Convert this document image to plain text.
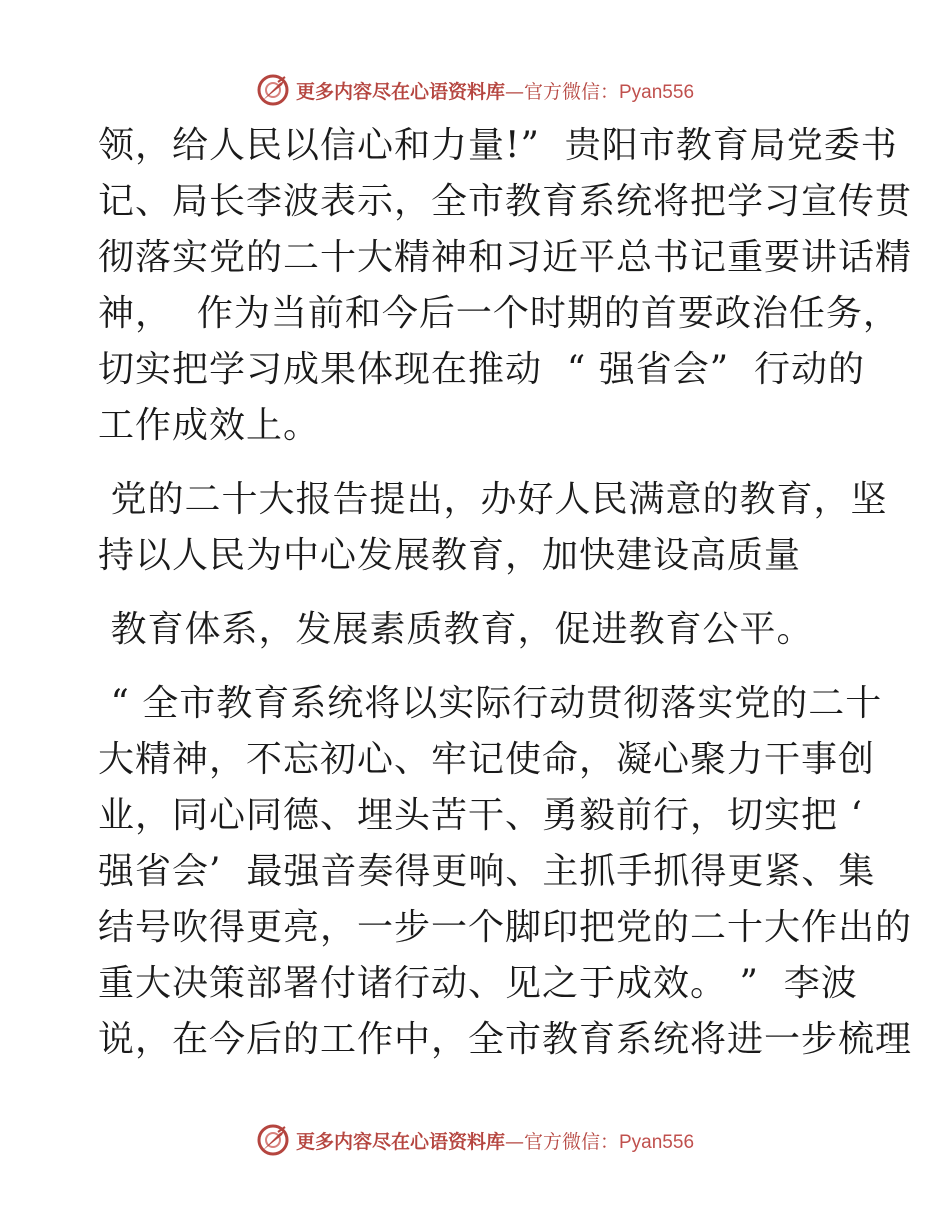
更多内容尽在心语资料库—官方微信：Pyan556
领，给人民以信心和力量!”  贵阳市教育局党委书
记、局长李波表示，全市教育系统将把学习宣传贯
彻落实党的二十大精神和习近平总书记重要讲话精
神，  作为当前和今后一个时期的首要政治任务，
切实把学习成果体现在推动  “ 强省会”  行动的
工作成效上。
党的二十大报告提出，办好人民满意的教育，坚
持以人民为中心发展教育，加快建设高质量
教育体系，发展素质教育，促进教育公平。
“ 全市教育系统将以实际行动贯彻落实党的二十
大精神，不忘初心、牢记使命，凝心聚力干事创
业，同心同德、埋头苦干、勇毅前行，切实把 ‘
强省会’  最强音奏得更响、主抓手抓得更紧、集
结号吹得更亮，一步一个脚印把党的二十大作出的
重大决策部署付诸行动、见之于成效。 ”  李波
说，在今后的工作中，全市教育系统将进一步梳理
更多内容尽在心语资料库—官方微信：Pyan556
